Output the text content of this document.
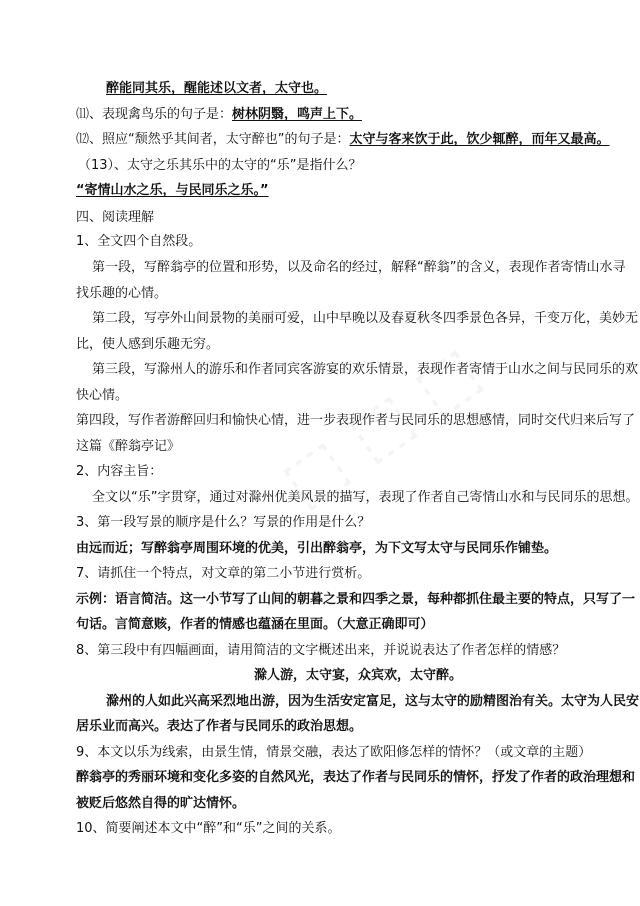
醉能同其乐，醒能述以文者，太守也。
⑾、表现禽鸟乐的句子是：树林阴翳，鸣声上下。
⑿、照应“颓然乎其间者，太守醉也”的句子是：太守与客来饮于此，饮少辄醉，而年又最高。
（13）、太守之乐其乐中的太守的“乐”是指什么？
“寄情山水之乐，与民同乐之乐。”
四、阅读理解
1、全文四个自然段。
第一段，写醉翁亭的位置和形势，以及命名的经过，解释“醉翁”的含义，表现作者寄情山水寻
找乐趣的心情。
第二段，写亭外山间景物的美丽可爱，山中早晚以及春夏秋冬四季景色各异，千变万化，美妙无
比，使人感到乐趣无穷。
第三段，写滁州人的游乐和作者同宾客游宴的欢乐情景，表现作者寄情于山水之间与民同乐的欢
快心情。
第四段，写作者游醉回归和愉快心情，进一步表现作者与民同乐的思想感情，同时交代归来后写了
这篇《醉翁亭记》
2、内容主旨：
全文以“乐”字贯穿，通过对滁州优美风景的描写，表现了作者自己寄情山水和与民同乐的思想。
3、第一段写景的顺序是什么？写景的作用是什么？
由远而近；写醉翁亭周围环境的优美，引出醉翁亭，为下文写太守与民同乐作铺垫。
7、请抓住一个特点，对文章的第二小节进行赏析。
示例：语言简洁。这一小节写了山间的朝暮之景和四季之景，每种都抓住最主要的特点，只写了一
句话。言简意赅，作者的情感也蕴涵在里面。（大意正确即可）
8、第三段中有四幅画面，请用简洁的文字概述出来，并说说表达了作者怎样的情感？
滁人游，太守宴，众宾欢，太守醉。
滁州的人如此兴高采烈地出游，因为生活安定富足，这与太守的励精图治有关。太守为人民安
居乐业而高兴。表达了作者与民同乐的政治思想。
9、本文以乐为线索，由景生情，情景交融，表达了欧阳修怎样的情怀？（或文章的主题）
醉翁亭的秀丽环境和变化多姿的自然风光，表达了作者与民同乐的情怀，抒发了作者的政治理想和
被贬后悠然自得的旷达情怀。
10、简要阐述本文中“醉”和“乐”之间的关系。
